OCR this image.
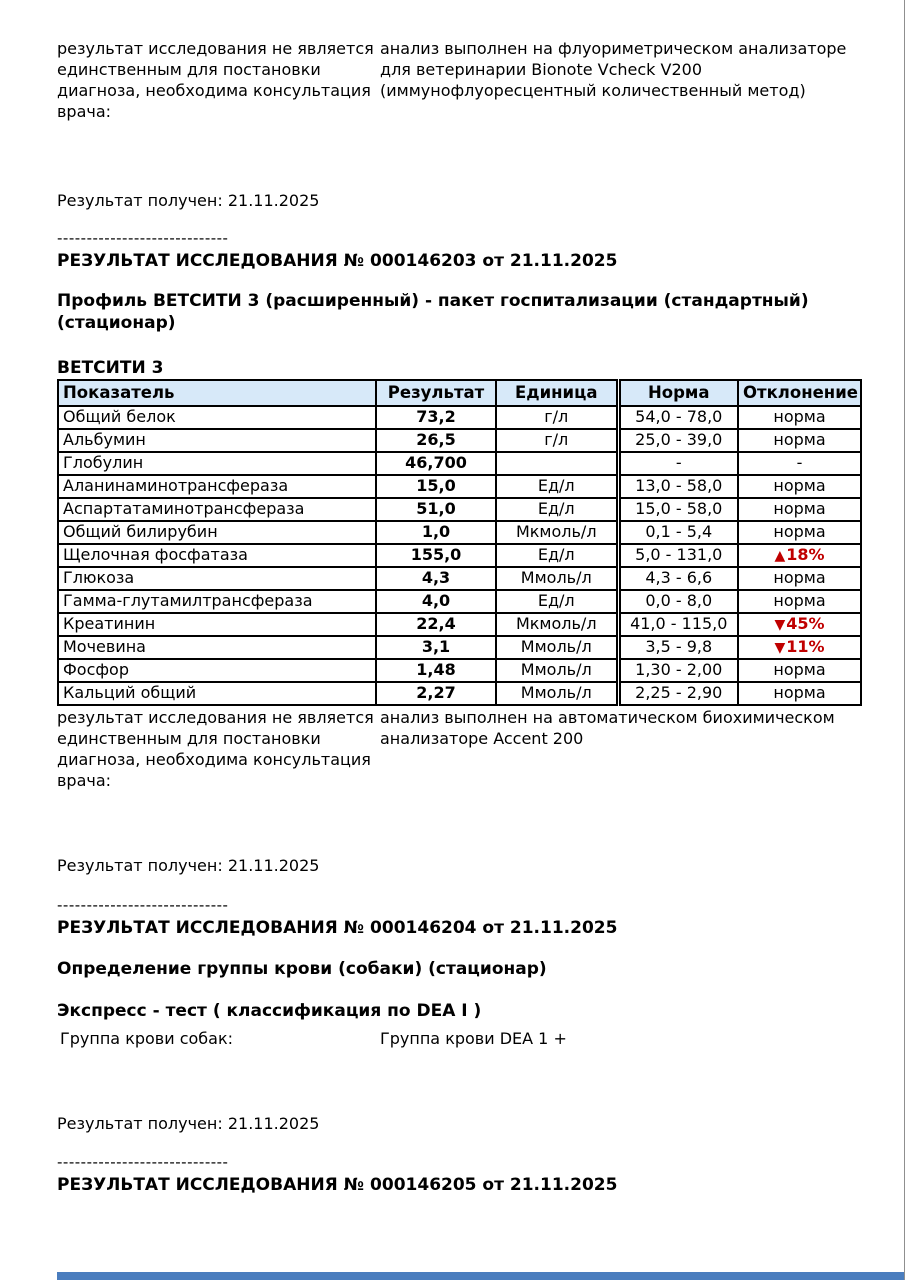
результат исследования не является единственным для постановки диагноза, необходима консультация врача:
анализ выполнен на флуориметрическом анализаторе для ветеринарии Bionote Vcheck V200 (иммунофлуоресцентный количественный метод)
Результат получен: 21.11.2025
-----------------------------
РЕЗУЛЬТАТ ИССЛЕДОВАНИЯ № 000146203 от 21.11.2025
Профиль ВЕТСИТИ 3 (расширенный) - пакет госпитализации (стандартный) (стационар)
ВЕТСИТИ 3
Показатель	Результат	Единица	Норма	Отклонение
Общий белок	73,2	г/л	54,0 - 78,0	норма
Альбумин	26,5	г/л	25,0 - 39,0	норма
Глобулин	46,700		-	-
Аланинаминотрансфераза	15,0	Ед/л	13,0 - 58,0	норма
Аспартатаминотрансфераза	51,0	Ед/л	15,0 - 58,0	норма
Общий билирубин	1,0	Мкмоль/л	0,1 - 5,4	норма
Щелочная фосфатаза	155,0	Ед/л	5,0 - 131,0	▲18%
Глюкоза	4,3	Ммоль/л	4,3 - 6,6	норма
Гамма-глутамилтрансфераза	4,0	Ед/л	0,0 - 8,0	норма
Креатинин	22,4	Мкмоль/л	41,0 - 115,0	▼45%
Мочевина	3,1	Ммоль/л	3,5 - 9,8	▼11%
Фосфор	1,48	Ммоль/л	1,30 - 2,00	норма
Кальций общий	2,27	Ммоль/л	2,25 - 2,90	норма
результат исследования не является единственным для постановки диагноза, необходима консультация врача:
анализ выполнен на автоматическом биохимическом анализаторе Accent 200
Результат получен: 21.11.2025
-----------------------------
РЕЗУЛЬТАТ ИССЛЕДОВАНИЯ № 000146204 от 21.11.2025
Определение группы крови (собаки) (стационар)
Экспресс - тест ( классификация по DEA I )
Группа крови собак:	Группа крови DEA 1 +
Результат получен: 21.11.2025
-----------------------------
РЕЗУЛЬТАТ ИССЛЕДОВАНИЯ № 000146205 от 21.11.2025
